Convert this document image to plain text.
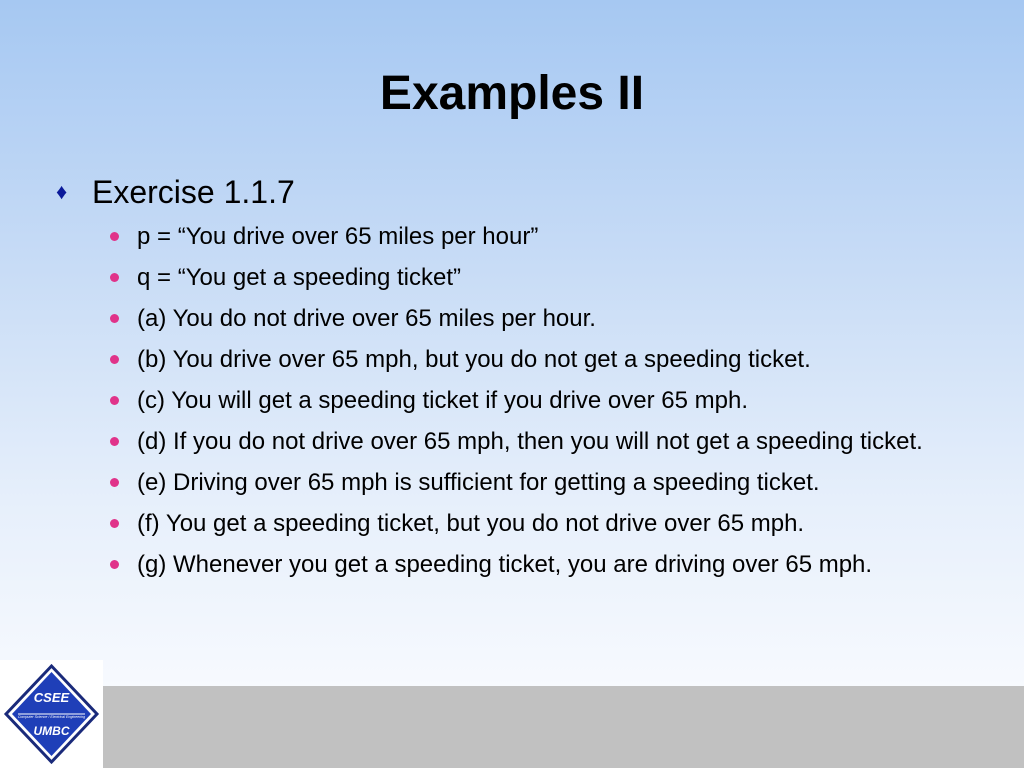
Examples II
♦ Exercise 1.1.7
p = “You drive over 65 miles per hour”
q = “You get a speeding ticket”
(a) You do not drive over 65 miles per hour.
(b) You drive over 65 mph, but you do not get a speeding ticket.
(c) You will get a speeding ticket if you drive over 65 mph.
(d) If you do not drive over 65 mph, then you will not get a speeding ticket.
(e) Driving over 65 mph is sufficient for getting a speeding ticket.
(f) You get a speeding ticket, but you do not drive over 65 mph.
(g) Whenever you get a speeding ticket, you are driving over 65 mph.
CSEE
Computer Science / Electrical Engineering
UMBC
